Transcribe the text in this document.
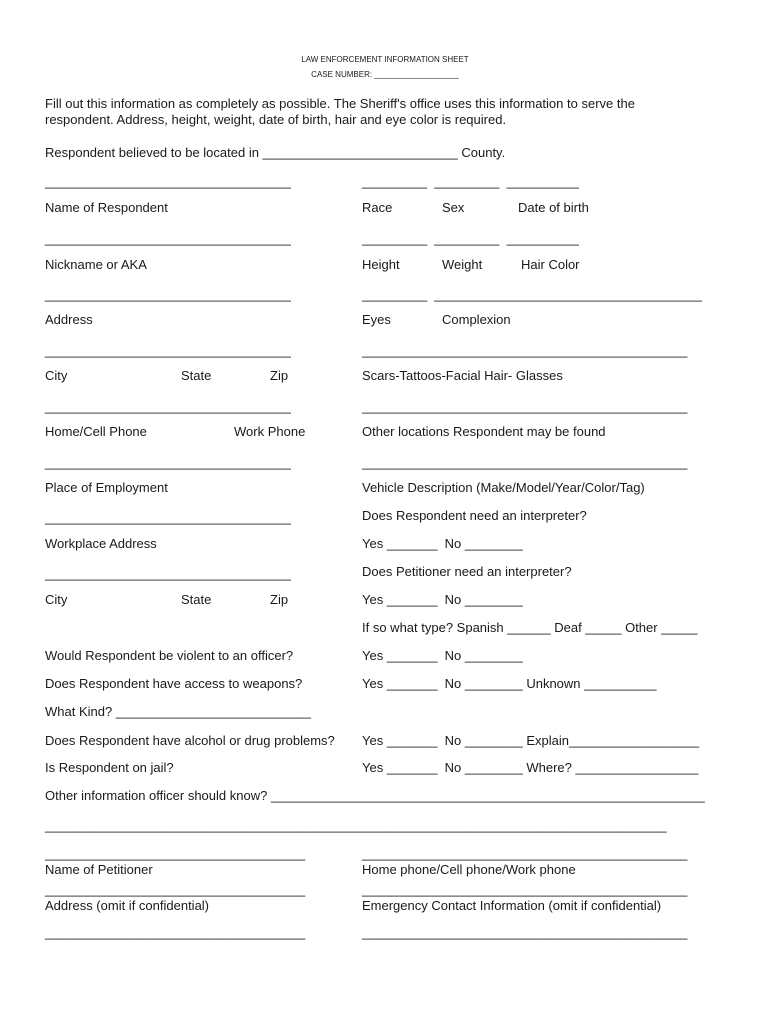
LAW ENFORCEMENT INFORMATION SHEET
CASE NUMBER: ___________________
Fill out this information as completely as possible. The Sheriff's office uses this information to serve the
respondent. Address, height, weight, date of birth, hair and eye color is required.
Respondent believed to be located in ___________________________ County.
__________________________________	_________  _________  __________
Name of Respondent	Race	Sex	Date of birth
__________________________________	_________  _________  __________
Nickname or AKA	Height	Weight	Hair Color
__________________________________	_________  _____________________________________
Address	Eyes	Complexion
__________________________________	_____________________________________________
City	State	Zip	Scars-Tattoos-Facial Hair- Glasses
__________________________________	_____________________________________________
Home/Cell Phone	Work Phone	Other locations Respondent may be found
__________________________________	_____________________________________________
Place of Employment	Vehicle Description (Make/Model/Year/Color/Tag)
__________________________________	Does Respondent need an interpreter?
Workplace Address	Yes _______  No ________
__________________________________	Does Petitioner need an interpreter?
City	State	Zip	Yes _______  No ________
If so what type? Spanish ______ Deaf _____ Other _____
Would Respondent be violent to an officer?	Yes _______  No ________
Does Respondent have access to weapons?	Yes _______  No ________ Unknown __________
What Kind? ___________________________
Does Respondent have alcohol or drug problems? Yes _______  No ________ Explain__________________
Is Respondent on jail?	Yes _______  No ________ Where? _________________
Other information officer should know? ____________________________________________________________
______________________________________________________________________________________
____________________________________	_____________________________________________
Name of Petitioner	Home phone/Cell phone/Work phone
____________________________________	_____________________________________________
Address (omit if confidential)	Emergency Contact Information (omit if confidential)
____________________________________	_____________________________________________
